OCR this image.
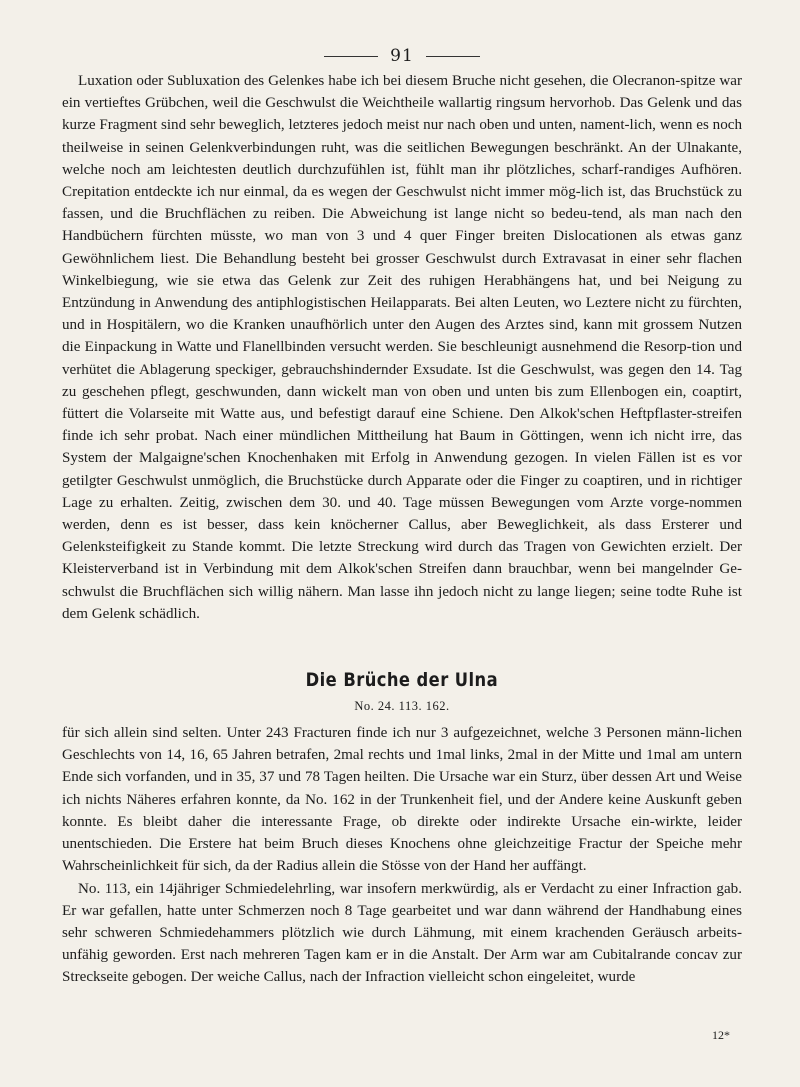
91

Luxation oder Subluxation des Gelenkes habe ich bei diesem Bruche nicht gesehen, die Olecranon-spitze war ein vertieftes Grübchen, weil die Geschwulst die Weichtheile wallartig ringsum hervorhob. Das Gelenk und das kurze Fragment sind sehr beweglich, letzteres jedoch meist nur nach oben und unten, nament-lich, wenn es noch theilweise in seinen Gelenkverbindungen ruht, was die seitlichen Bewegungen beschränkt. An der Ulnakante, welche noch am leichtesten deutlich durchzufühlen ist, fühlt man ihr plötzliches, scharf-randiges Aufhören. Crepitation entdeckte ich nur einmal, da es wegen der Geschwulst nicht immer mög-lich ist, das Bruchstück zu fassen, und die Bruchflächen zu reiben. Die Abweichung ist lange nicht so bedeu-tend, als man nach den Handbüchern fürchten müsste, wo man von 3 und 4 quer Finger breiten Dislocationen als etwas ganz Gewöhnlichem liest. Die Behandlung besteht bei grosser Geschwulst durch Extravasat in einer sehr flachen Winkelbiegung, wie sie etwa das Gelenk zur Zeit des ruhigen Herabhängens hat, und bei Neigung zu Entzündung in Anwendung des antiphlogistischen Heilapparats. Bei alten Leuten, wo Leztere nicht zu fürchten, und in Hospitälern, wo die Kranken unaufhörlich unter den Augen des Arztes sind, kann mit grossem Nutzen die Einpackung in Watte und Flanellbinden versucht werden. Sie beschleunigt ausnehmend die Resorp-tion und verhütet die Ablagerung speckiger, gebrauchshindernder Exsudate. Ist die Geschwulst, was gegen den 14. Tag zu geschehen pflegt, geschwunden, dann wickelt man von oben und unten bis zum Ellenbogen ein, coaptirt, füttert die Volarseite mit Watte aus, und befestigt darauf eine Schiene. Den Alkok'schen Heftpflaster-streifen finde ich sehr probat. Nach einer mündlichen Mittheilung hat Baum in Göttingen, wenn ich nicht irre, das System der Malgaigne'schen Knochenhaken mit Erfolg in Anwendung gezogen. In vielen Fällen ist es vor getilgter Geschwulst unmöglich, die Bruchstücke durch Apparate oder die Finger zu coaptiren, und in richtiger Lage zu erhalten. Zeitig, zwischen dem 30. und 40. Tage müssen Bewegungen vom Arzte vorge-nommen werden, denn es ist besser, dass kein knöcherner Callus, aber Beweglichkeit, als dass Ersterer und Gelenksteifigkeit zu Stande kommt. Die letzte Streckung wird durch das Tragen von Gewichten erzielt. Der Kleisterverband ist in Verbindung mit dem Alkok'schen Streifen dann brauchbar, wenn bei mangelnder Ge-schwulst die Bruchflächen sich willig nähern. Man lasse ihn jedoch nicht zu lange liegen; seine todte Ruhe ist dem Gelenk schädlich.

Die Brüche der Ulna
No. 24. 113. 162.

für sich allein sind selten. Unter 243 Fracturen finde ich nur 3 aufgezeichnet, welche 3 Personen männ-lichen Geschlechts von 14, 16, 65 Jahren betrafen, 2mal rechts und 1mal links, 2mal in der Mitte und 1mal am untern Ende sich vorfanden, und in 35, 37 und 78 Tagen heilten. Die Ursache war ein Sturz, über dessen Art und Weise ich nichts Näheres erfahren konnte, da No. 162 in der Trunkenheit fiel, und der Andere keine Auskunft geben konnte. Es bleibt daher die interessante Frage, ob direkte oder indirekte Ursache ein-wirkte, leider unentschieden. Die Erstere hat beim Bruch dieses Knochens ohne gleichzeitige Fractur der Speiche mehr Wahrscheinlichkeit für sich, da der Radius allein die Stösse von der Hand her auffängt.

No. 113, ein 14jähriger Schmiedelehrling, war insofern merkwürdig, als er Verdacht zu einer Infraction gab. Er war gefallen, hatte unter Schmerzen noch 8 Tage gearbeitet und war dann während der Handhabung eines sehr schweren Schmiedehammers plötzlich wie durch Lähmung, mit einem krachenden Geräusch arbeits-unfähig geworden. Erst nach mehreren Tagen kam er in die Anstalt. Der Arm war am Cubitalrande concav zur Streckseite gebogen. Der weiche Callus, nach der Infraction vielleicht schon eingeleitet, wurde

12*
